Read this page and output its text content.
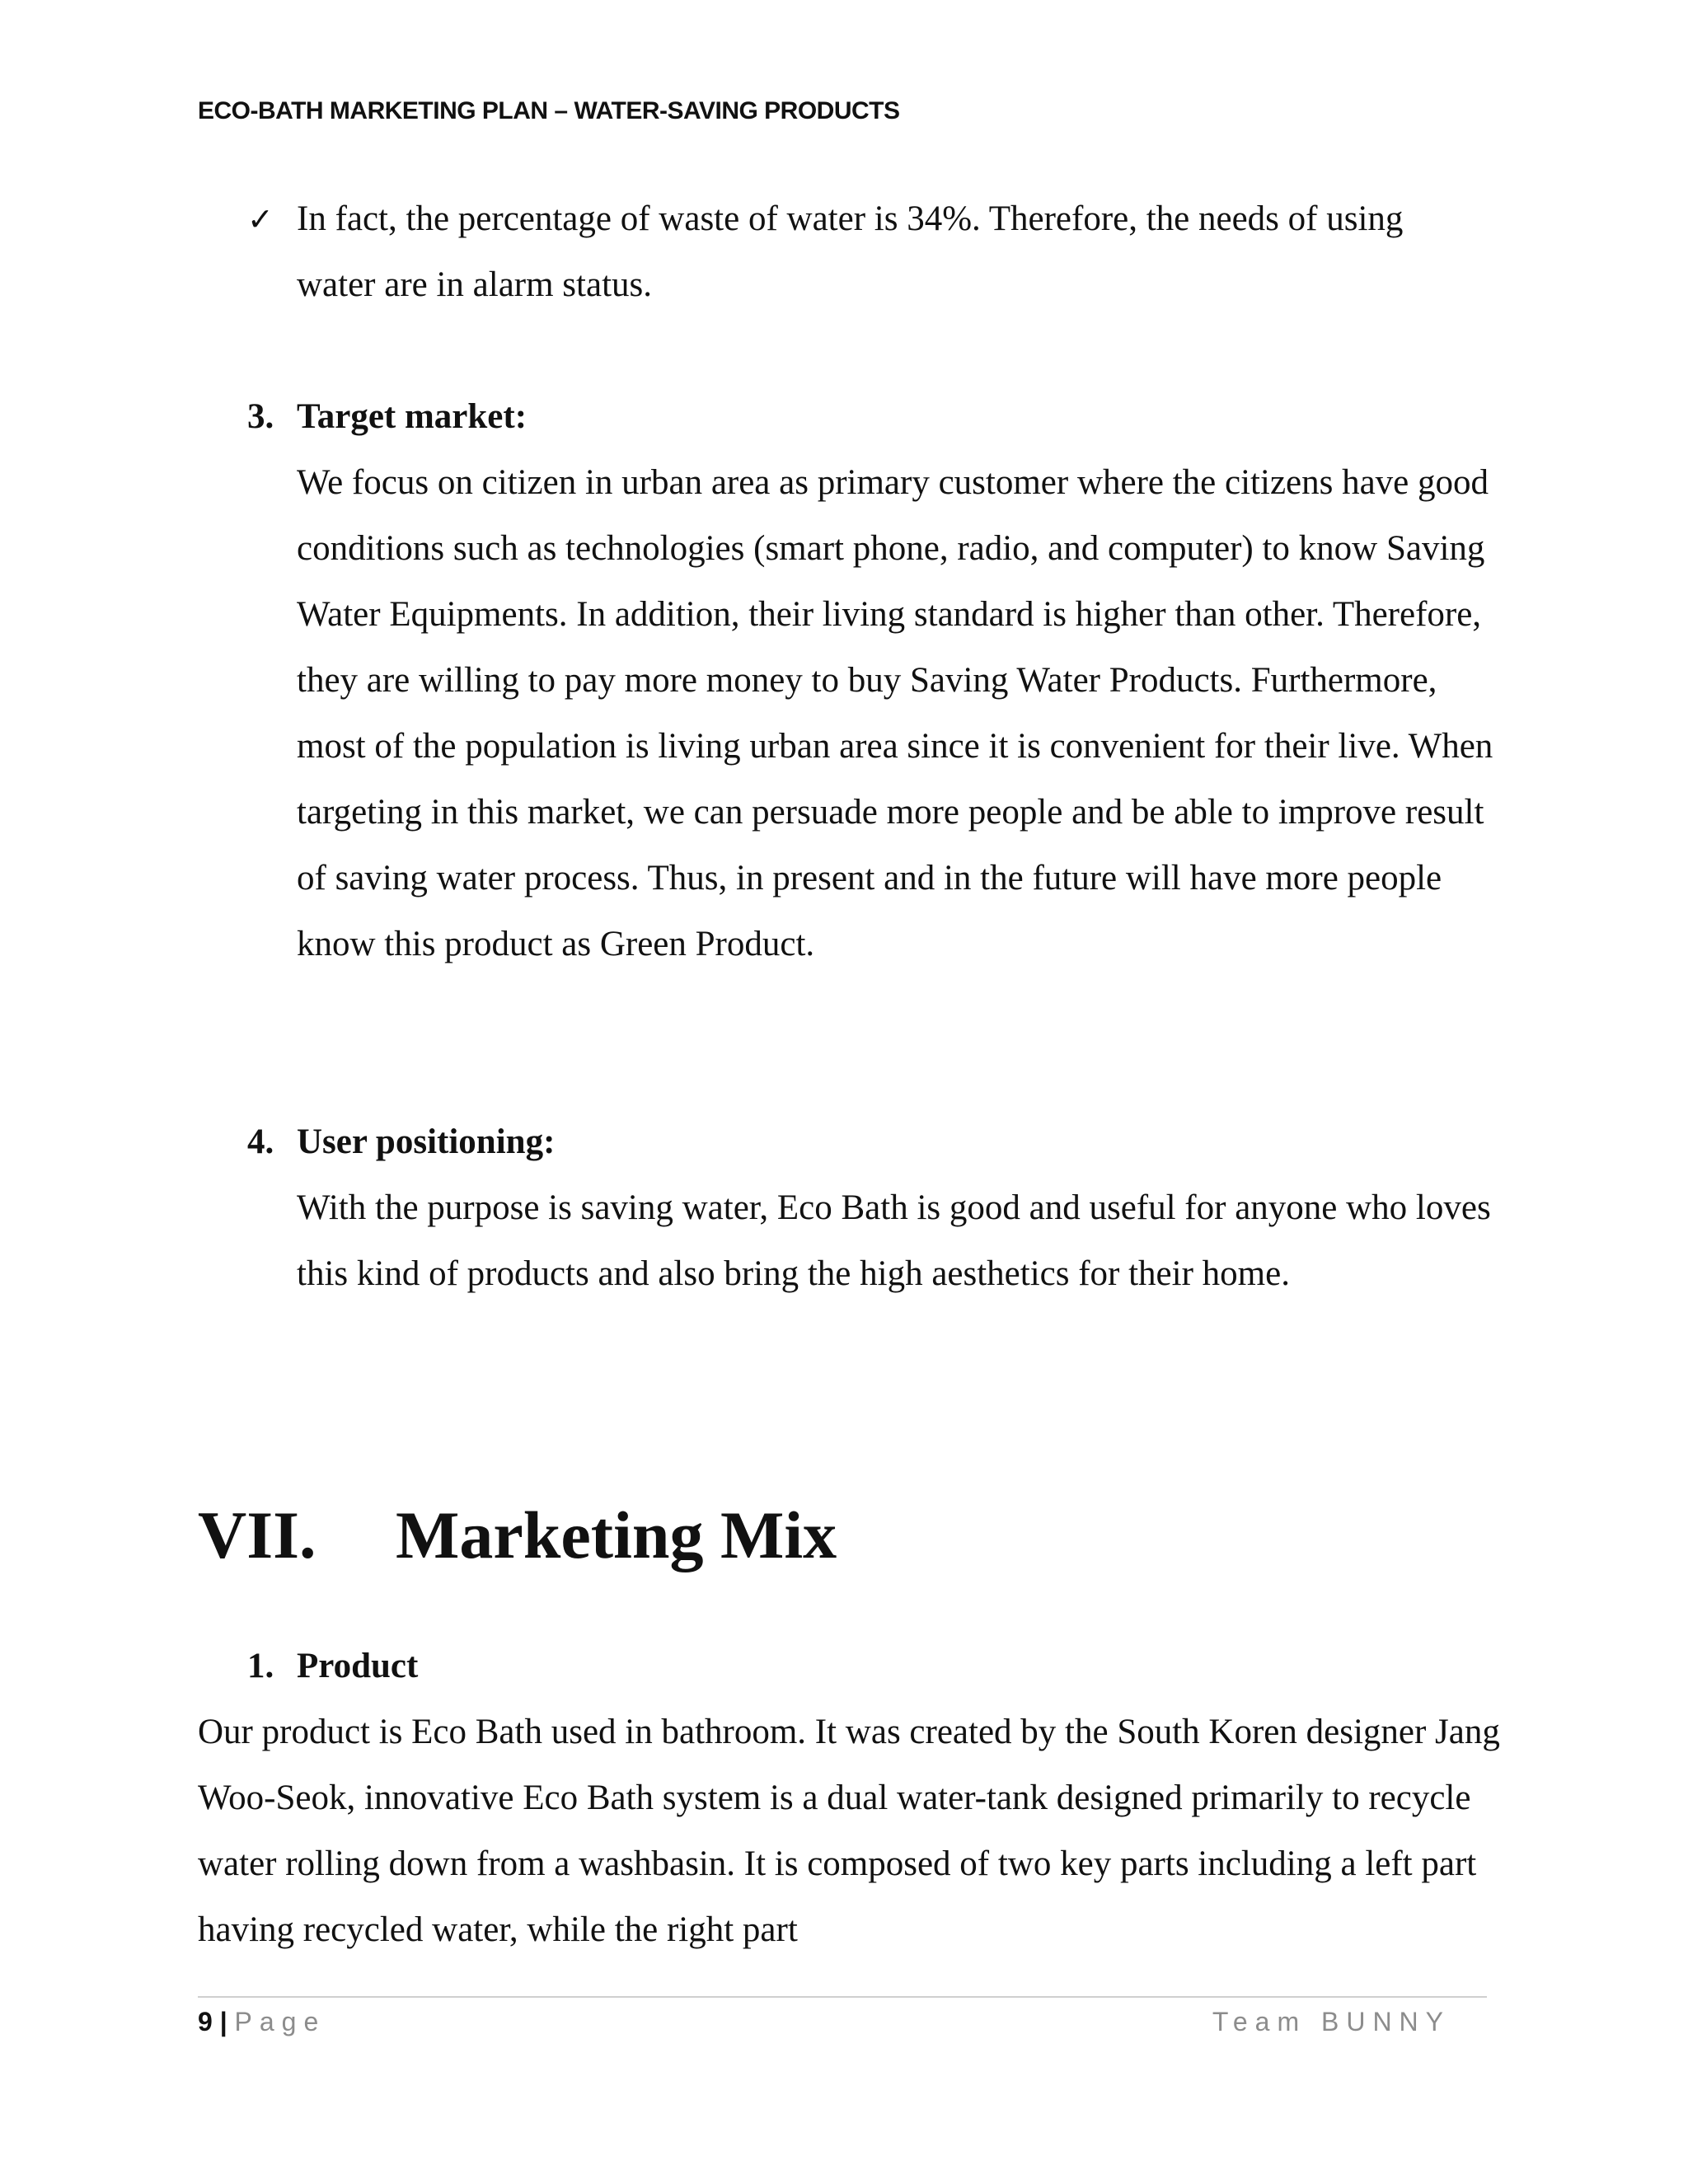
ECO-BATH MARKETING PLAN – WATER-SAVING PRODUCTS
✓ In fact, the percentage of waste of water is 34%. Therefore, the needs of using water are in alarm status.
3. Target market:
We focus on citizen in urban area as primary customer where the citizens have good conditions such as technologies (smart phone, radio, and computer) to know Saving Water Equipments. In addition, their living standard is higher than other. Therefore, they are willing to pay more money to buy Saving Water Products. Furthermore, most of the population is living urban area since it is convenient for their live. When targeting in this market, we can persuade more people and be able to improve result of saving water process. Thus, in present and in the future will have more people know this product as Green Product.
4. User positioning:
With the purpose is saving water, Eco Bath is good and useful for anyone who loves this kind of products and also bring the high aesthetics for their home.
VII.	Marketing Mix
1. Product
Our product is Eco Bath used in bathroom. It was created by the South Koren designer Jang Woo-Seok, innovative Eco Bath system is a dual water-tank designed primarily to recycle water rolling down from a washbasin. It is composed of two key parts including a left part having recycled water, while the right part
9 | Page	Team BUNNY
